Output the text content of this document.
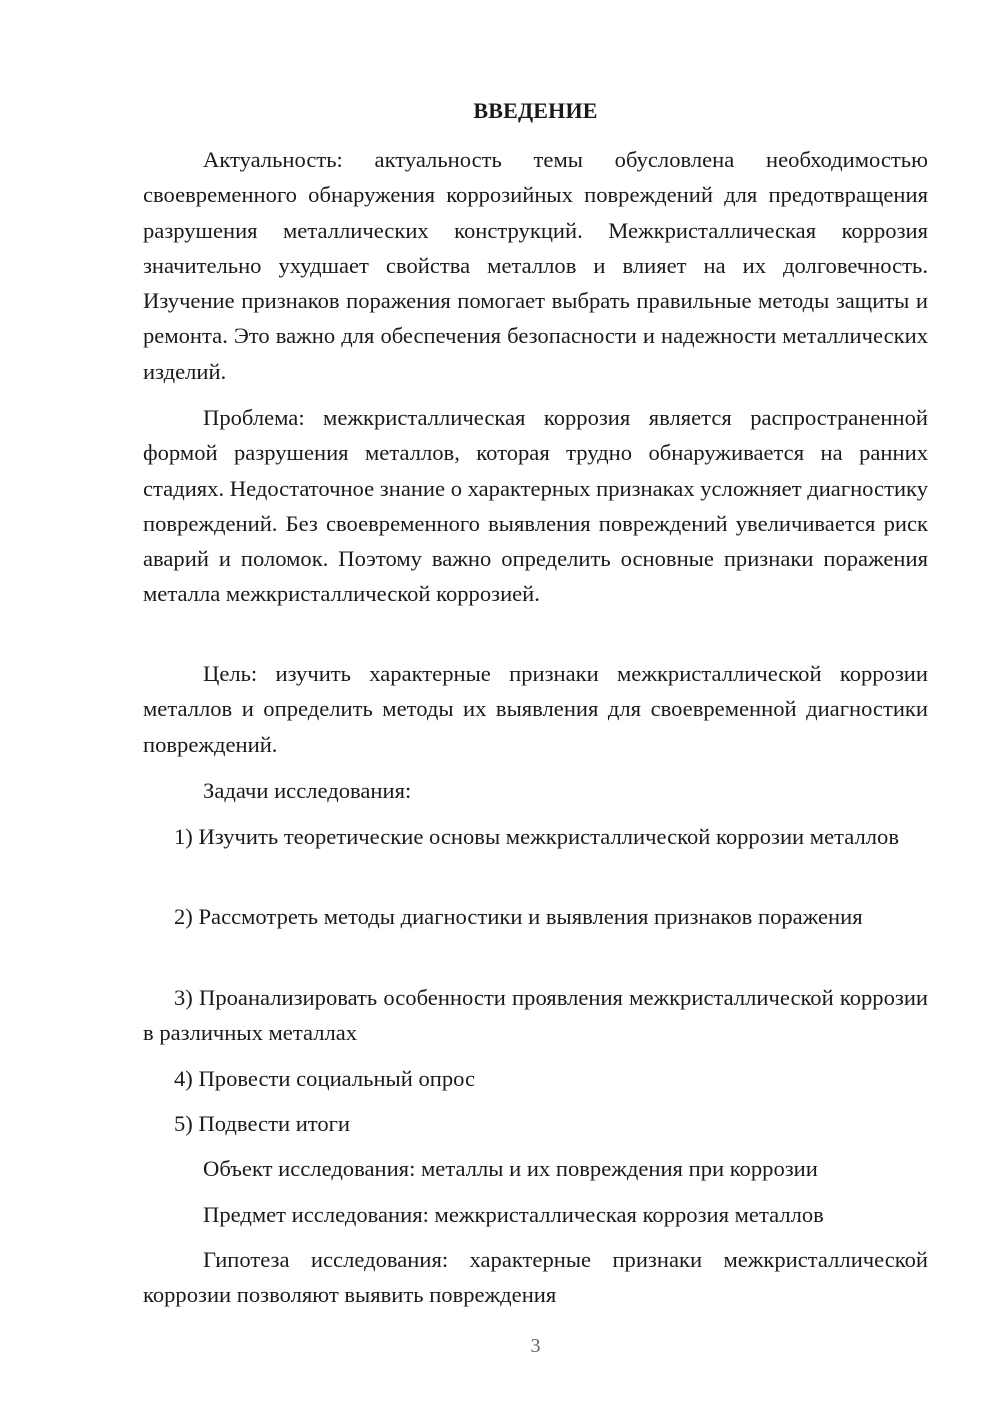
ВВЕДЕНИЕ

Актуальность: актуальность темы обусловлена необходимостью своевременного обнаружения коррозийных повреждений для предотвращения разрушения металлических конструкций. Межкристаллическая коррозия значительно ухудшает свойства металлов и влияет на их долговечность. Изучение признаков поражения помогает выбрать правильные методы защиты и ремонта. Это важно для обеспечения безопасности и надежности металлических изделий.

Проблема: межкристаллическая коррозия является распространенной формой разрушения металлов, которая трудно обнаруживается на ранних стадиях. Недостаточное знание о характерных признаках усложняет диагностику повреждений. Без своевременного выявления повреждений увеличивается риск аварий и поломок. Поэтому важно определить основные признаки поражения металла межкристаллической коррозией.

Цель: изучить характерные признаки межкристаллической коррозии металлов и определить методы их выявления для своевременной диагностики повреждений.

Задачи исследования:

1) Изучить теоретические основы межкристаллической коррозии металлов

2) Рассмотреть методы диагностики и выявления признаков поражения

3) Проанализировать особенности проявления межкристаллической коррозии в различных металлах

4) Провести социальный опрос

5) Подвести итоги

Объект исследования: металлы и их повреждения при коррозии

Предмет исследования: межкристаллическая коррозия металлов

Гипотеза исследования: характерные признаки межкристаллической коррозии позволяют выявить повреждения

3
